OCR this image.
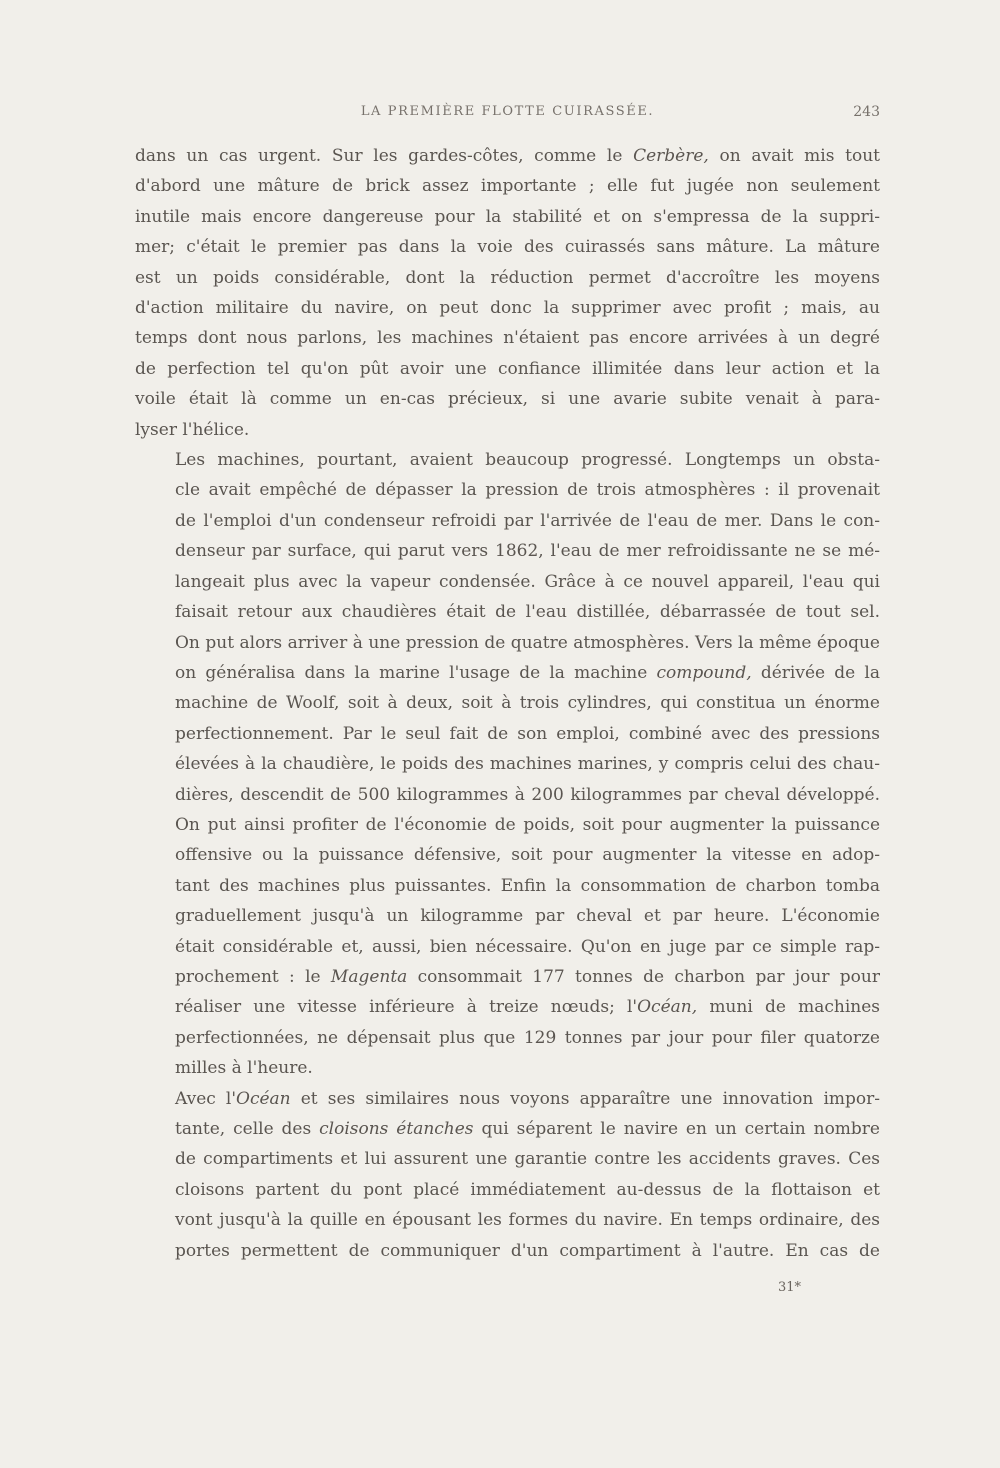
LA PREMIÈRE FLOTTE CUIRASSÉE.	243

dans un cas urgent. Sur les gardes-côtes, comme le Cerbère, on avait mis tout
d'abord une mâture de brick assez importante ; elle fut jugée non seulement
inutile mais encore dangereuse pour la stabilité et on s'empressa de la suppri-
mer; c'était le premier pas dans la voie des cuirassés sans mâture. La mâture
est un poids considérable, dont la réduction permet d'accroître les moyens
d'action militaire du navire, on peut donc la supprimer avec profit ; mais, au
temps dont nous parlons, les machines n'étaient pas encore arrivées à un degré
de perfection tel qu'on pût avoir une confiance illimitée dans leur action et la
voile était là comme un en-cas précieux, si une avarie subite venait à para-
lyser l'hélice.

Les machines, pourtant, avaient beaucoup progressé. Longtemps un obsta-
cle avait empêché de dépasser la pression de trois atmosphères : il provenait
de l'emploi d'un condenseur refroidi par l'arrivée de l'eau de mer. Dans le con-
denseur par surface, qui parut vers 1862, l'eau de mer refroidissante ne se mé-
langeait plus avec la vapeur condensée. Grâce à ce nouvel appareil, l'eau qui
faisait retour aux chaudières était de l'eau distillée, débarrassée de tout sel.
On put alors arriver à une pression de quatre atmosphères. Vers la même époque
on généralisa dans la marine l'usage de la machine compound, dérivée de la
machine de Woolf, soit à deux, soit à trois cylindres, qui constitua un énorme
perfectionnement. Par le seul fait de son emploi, combiné avec des pressions
élevées à la chaudière, le poids des machines marines, y compris celui des chau-
dières, descendit de 500 kilogrammes à 200 kilogrammes par cheval développé.
On put ainsi profiter de l'économie de poids, soit pour augmenter la puissance
offensive ou la puissance défensive, soit pour augmenter la vitesse en adop-
tant des machines plus puissantes. Enfin la consommation de charbon tomba
graduellement jusqu'à un kilogramme par cheval et par heure. L'économie
était considérable et, aussi, bien nécessaire. Qu'on en juge par ce simple rap-
prochement : le Magenta consommait 177 tonnes de charbon par jour pour
réaliser une vitesse inférieure à treize nœuds; l'Océan, muni de machines
perfectionnées, ne dépensait plus que 129 tonnes par jour pour filer quatorze
milles à l'heure.

Avec l'Océan et ses similaires nous voyons apparaître une innovation impor-
tante, celle des cloisons étanches qui séparent le navire en un certain nombre
de compartiments et lui assurent une garantie contre les accidents graves. Ces
cloisons partent du pont placé immédiatement au-dessus de la flottaison et
vont jusqu'à la quille en épousant les formes du navire. En temps ordinaire, des
portes permettent de communiquer d'un compartiment à l'autre. En cas de

31*
